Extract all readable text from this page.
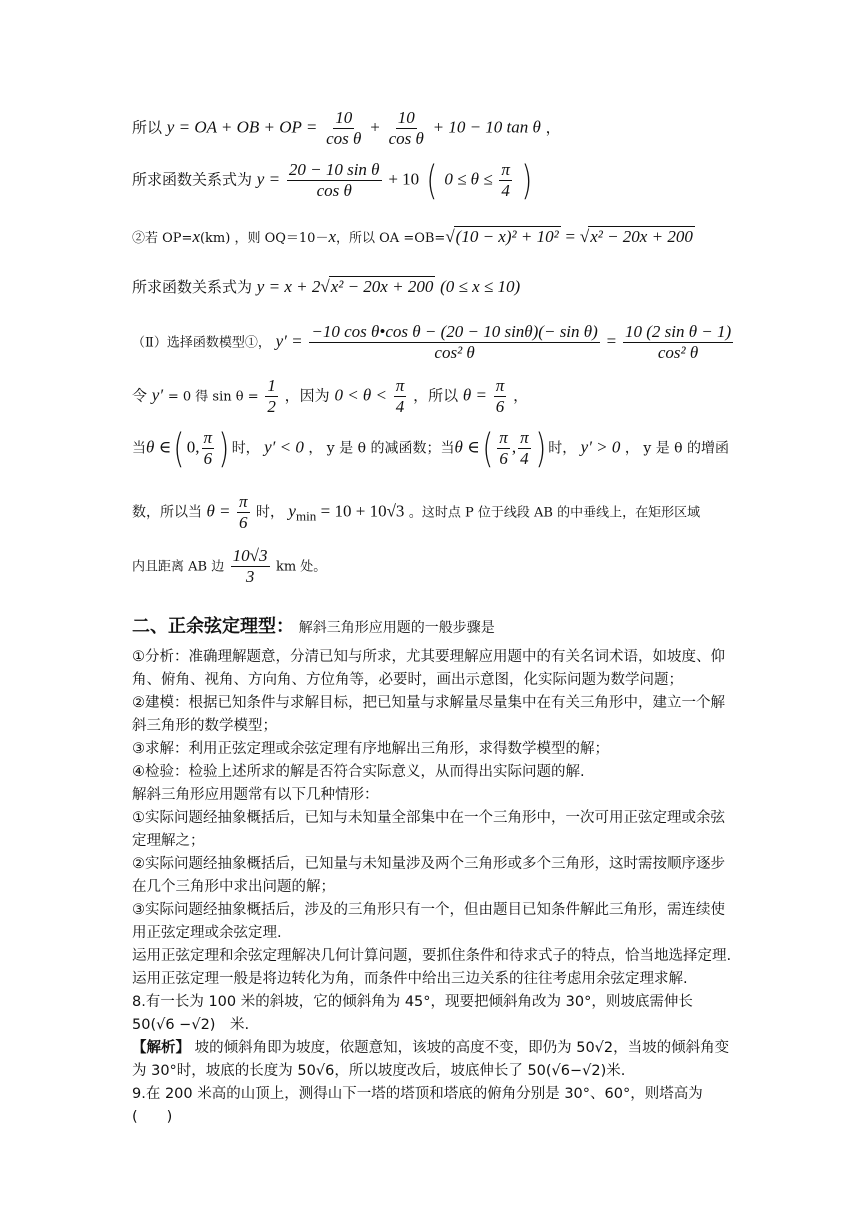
所以 y = OA + OB + OP = $\frac{10}{\text{cos θ}} + \frac{10}{\text{cos θ}} + 10 - 10$ tan θ ，
所求函数关系式为 $y = \frac{\text{20 − 10 sin θ}}{\text{cos θ}} + 10$ ( $0 \le \theta \le \frac{\pi}{4}$ )
②若 OP=x(km) ，则 OQ＝10－x，所以 OA =OB=√(10 − x)² + 10² = √x² − 20x + 200
所求函数关系式为 y = x + 2√x² − 20x + 200 (0 ≤ x ≤ 10)
（Ⅱ）选择函数模型①， $y' = \frac{\text{−10 cos θ•cos θ − (20 − 10 sinθ)(− sin θ)}}{\text{cos² θ}} = \frac{\text{10 (2 sin θ − 1)}}{\text{cos² θ}}$
令 y′ = 0 得 $\sin \theta = \frac{1}{2}$ ，因为 $0 < \theta < \frac{\pi}{4}$ ，所以 $\theta = \frac{\pi}{6}$ ，
当θ ∈( 0, $\frac{\pi}{6}$ ) 时， y′ < 0 ， y 是 θ 的减函数；当θ ∈( $\frac{\pi}{6}$ , $\frac{\pi}{4}$ ) 时， y′ > 0 ， y 是 θ 的增函
数，所以当 $\theta = \frac{\pi}{6}$ 时， $y_{min} = 10 + 10√3$ 。这时点 P 位于线段 AB 的中垂线上，在矩形区域
内且距离 AB 边 $\frac{10√3}{3}$ km 处。
二、正余弦定理型： 解斜三角形应用题的一般步骤是

①分析：准确理解题意，分清已知与所求，尤其要理解应用题中的有关名词术语，如坡度、仰角、俯角、视角、方向角、方位角等，必要时，画出示意图，化实际问题为数学问题；

②建模：根据已知条件与求解目标，把已知量与求解量尽量集中在有关三角形中，建立一个解斜三角形的数学模型；

③求解：利用正弦定理或余弦定理有序地解出三角形，求得数学模型的解；

④检验：检验上述所求的解是否符合实际意义，从而得出实际问题的解.

解斜三角形应用题常有以下几种情形：

①实际问题经抽象概括后，已知与未知量全部集中在一个三角形中，一次可用正弦定理或余弦定理解之；

②实际问题经抽象概括后，已知量与未知量涉及两个三角形或多个三角形，这时需按顺序逐步在几个三角形中求出问题的解；

③实际问题经抽象概括后，涉及的三角形只有一个，但由题目已知条件解此三角形，需连续使用正弦定理或余弦定理.

运用正弦定理和余弦定理解决几何计算问题，要抓住条件和待求式子的特点，恰当地选择定理.运用正弦定理一般是将边转化为角，而条件中给出三边关系的往往考虑用余弦定理求解.

8.有一长为 100 米的斜坡，它的倾斜角为 45°，现要把倾斜角改为 30°，则坡底需伸长　50(√6 −√2)　米.

【解析】 坡的倾斜角即为坡度，依题意知，该坡的高度不变，即仍为 50√2，当坡的倾斜角变为 30°时，坡底的长度为 50√6，所以坡度改后，坡底伸长了 50(√6−√2)米.

9.在 200 米高的山顶上，测得山下一塔的塔顶和塔底的俯角分别是 30°、60°，则塔高为(　　)
